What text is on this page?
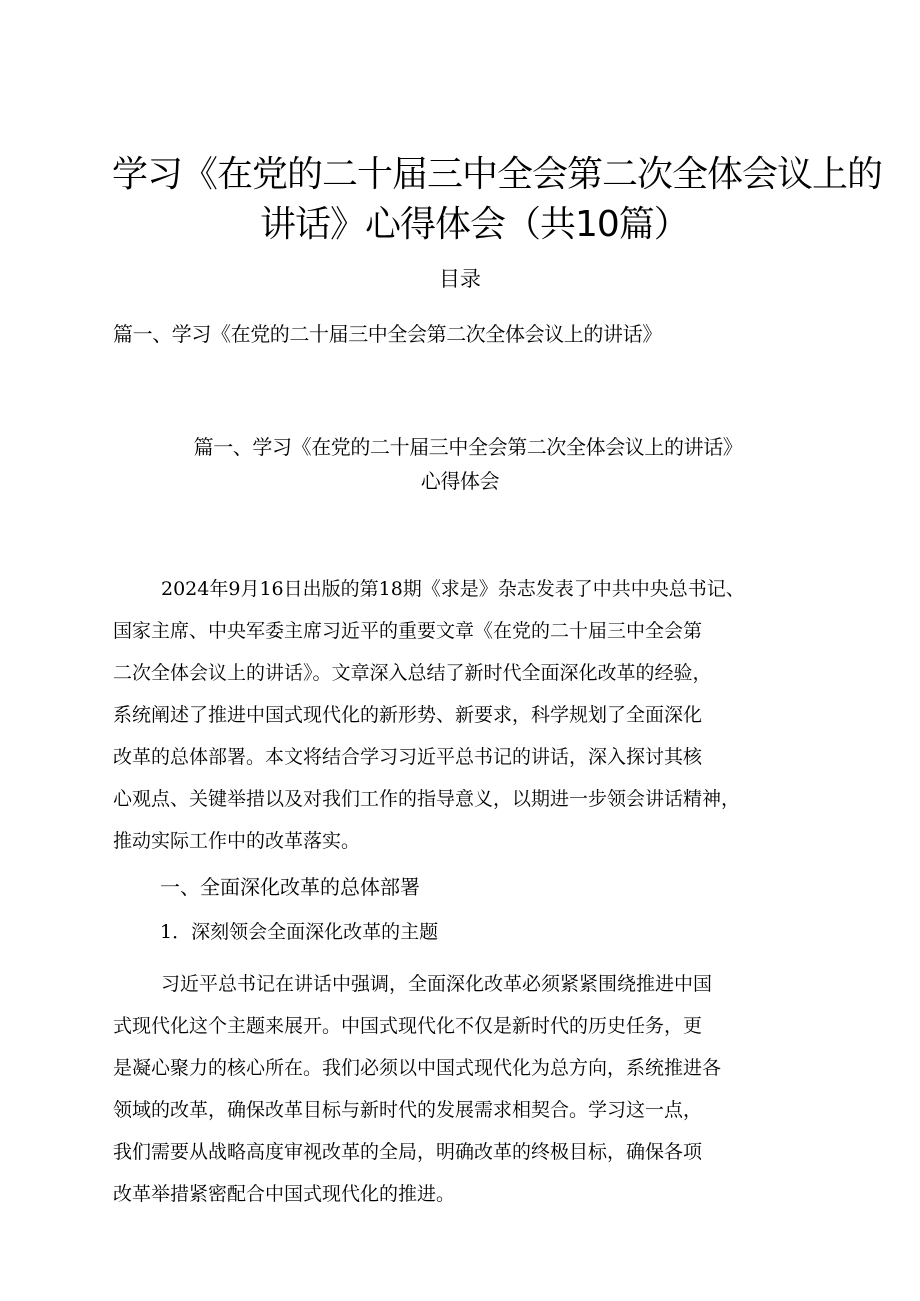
学习《在党的二十届三中全会第二次全体会议上的
讲话》心得体会（共10篇）
目录
篇一、学习《在党的二十届三中全会第二次全体会议上的讲话》
篇一、学习《在党的二十届三中全会第二次全体会议上的讲话》
心得体会
2024年9月16日出版的第18期《求是》杂志发表了中共中央总书记、
国家主席、中央军委主席习近平的重要文章《在党的二十届三中全会第
二次全体会议上的讲话》。文章深入总结了新时代全面深化改革的经验，
系统阐述了推进中国式现代化的新形势、新要求，科学规划了全面深化
改革的总体部署。本文将结合学习习近平总书记的讲话，深入探讨其核
心观点、关键举措以及对我们工作的指导意义，以期进一步领会讲话精神，
推动实际工作中的改革落实。
一、全面深化改革的总体部署
1．深刻领会全面深化改革的主题
习近平总书记在讲话中强调，全面深化改革必须紧紧围绕推进中国
式现代化这个主题来展开。中国式现代化不仅是新时代的历史任务，更
是凝心聚力的核心所在。我们必须以中国式现代化为总方向，系统推进各
领域的改革，确保改革目标与新时代的发展需求相契合。学习这一点，
我们需要从战略高度审视改革的全局，明确改革的终极目标，确保各项
改革举措紧密配合中国式现代化的推进。
